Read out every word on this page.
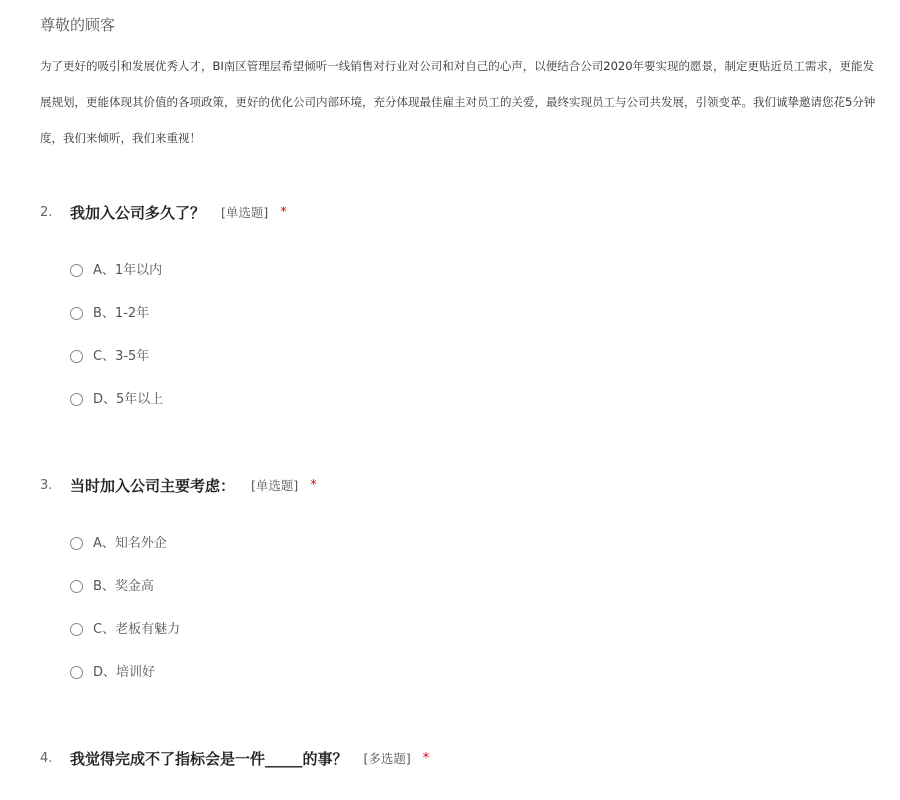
尊敬的顾客
为了更好的吸引和发展优秀人才，BI南区管理层希望倾听一线销售对行业对公司和对自己的心声，以便结合公司2020年要实现的愿景，制定更贴近员工需求，更能发
展规划，更能体现其价值的各项政策，更好的优化公司内部环境，充分体现最佳雇主对员工的关爱，最终实现员工与公司共发展，引领变革。我们诚挚邀请您花5分钟
度，我们来倾听，我们来重视！
2.	我加入公司多久了？ [单选题] *
A、1年以内
B、1-2年
C、3-5年
D、5年以上
3.	当时加入公司主要考虑： [单选题] *
A、知名外企
B、奖金高
C、老板有魅力
D、培训好
4.	我觉得完成不了指标会是一件_____的事？ [多选题] *
